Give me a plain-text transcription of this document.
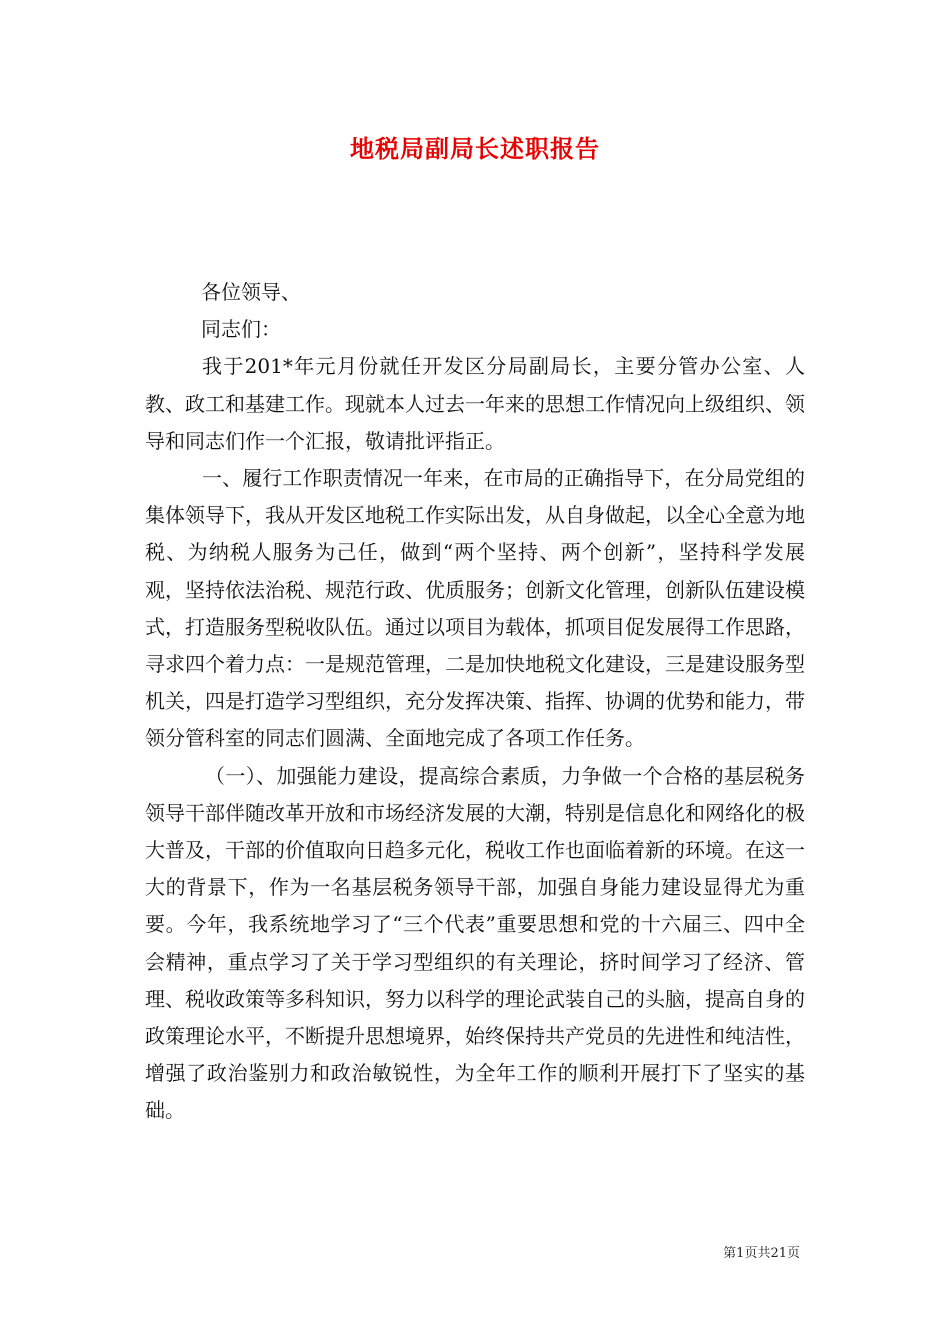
地税局副局长述职报告

各位领导、

同志们：

我于201*年元月份就任开发区分局副局长，主要分管办公室、人教、政工和基建工作。现就本人过去一年来的思想工作情况向上级组织、领导和同志们作一个汇报，敬请批评指正。

一、履行工作职责情况一年来，在市局的正确指导下，在分局党组的集体领导下，我从开发区地税工作实际出发，从自身做起，以全心全意为地税、为纳税人服务为己任，做到“两个坚持、两个创新”，坚持科学发展观，坚持依法治税、规范行政、优质服务；创新文化管理，创新队伍建设模式，打造服务型税收队伍。通过以项目为载体，抓项目促发展得工作思路，寻求四个着力点：一是规范管理，二是加快地税文化建设，三是建设服务型机关，四是打造学习型组织，充分发挥决策、指挥、协调的优势和能力，带领分管科室的同志们圆满、全面地完成了各项工作任务。

（一）、加强能力建设，提高综合素质，力争做一个合格的基层税务领导干部伴随改革开放和市场经济发展的大潮，特别是信息化和网络化的极大普及，干部的价值取向日趋多元化，税收工作也面临着新的环境。在这一大的背景下，作为一名基层税务领导干部，加强自身能力建设显得尤为重要。今年，我系统地学习了“三个代表”重要思想和党的十六届三、四中全会精神，重点学习了关于学习型组织的有关理论，挤时间学习了经济、管理、税收政策等多科知识，努力以科学的理论武装自己的头脑，提高自身的政策理论水平，不断提升思想境界，始终保持共产党员的先进性和纯洁性，增强了政治鉴别力和政治敏锐性，为全年工作的顺利开展打下了坚实的基础。

第1页共21页
